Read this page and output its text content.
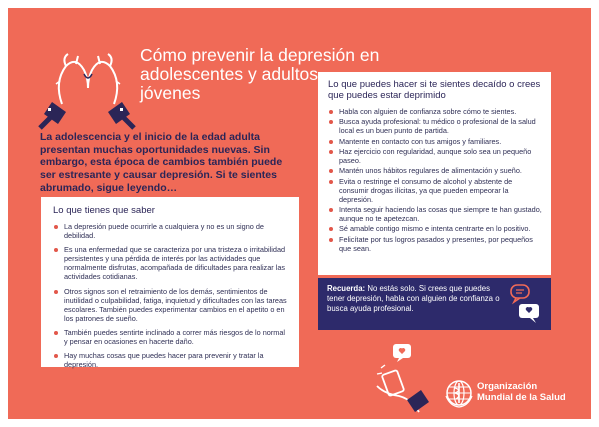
Cómo prevenir la depresión en adolescentes y adultos jóvenes

La adolescencia y el inicio de la edad adulta presentan muchas oportunidades nuevas. Sin embargo, esta época de cambios también puede ser estresante y causar depresión. Si te sientes abrumado, sigue leyendo…

Lo que tienes que saber
La depresión puede ocurrirle a cualquiera y no es un signo de debilidad.
Es una enfermedad que se caracteriza por una tristeza o irritabilidad persistentes y una pérdida de interés por las actividades que normalmente disfrutas, acompañada de dificultades para realizar las actividades cotidianas.
Otros signos son el retraimiento de los demás, sentimientos de inutilidad o culpabilidad, fatiga, inquietud y dificultades con las tareas escolares. También puedes experimentar cambios en el apetito o en los patrones de sueño.
También puedes sentirte inclinado a correr más riesgos de lo normal y pensar en ocasiones en hacerte daño.
Hay muchas cosas que puedes hacer para prevenir y tratar la depresión.
Lo que puedes hacer si te sientes decaído o crees que puedes estar deprimido
Habla con alguien de confianza sobre cómo te sientes.
Busca ayuda profesional: tu médico o profesional de la salud local es un buen punto de partida.
Mantente en contacto con tus amigos y familiares.
Haz ejercicio con regularidad, aunque solo sea un pequeño paseo.
Mantén unos hábitos regulares de alimentación y sueño.
Evita o restringe el consumo de alcohol y abstente de consumir drogas ilícitas, ya que pueden empeorar la depresión.
Intenta seguir haciendo las cosas que siempre te han gustado, aunque no te apetezcan.
Sé amable contigo mismo e intenta centrarte en lo positivo.
Felicítate por tus logros pasados y presentes, por pequeños que sean.
Recuerda: No estás solo. Si crees que puedes tener depresión, habla con alguien de confianza o busca ayuda profesional.
Organización
Mundial de la Salud
